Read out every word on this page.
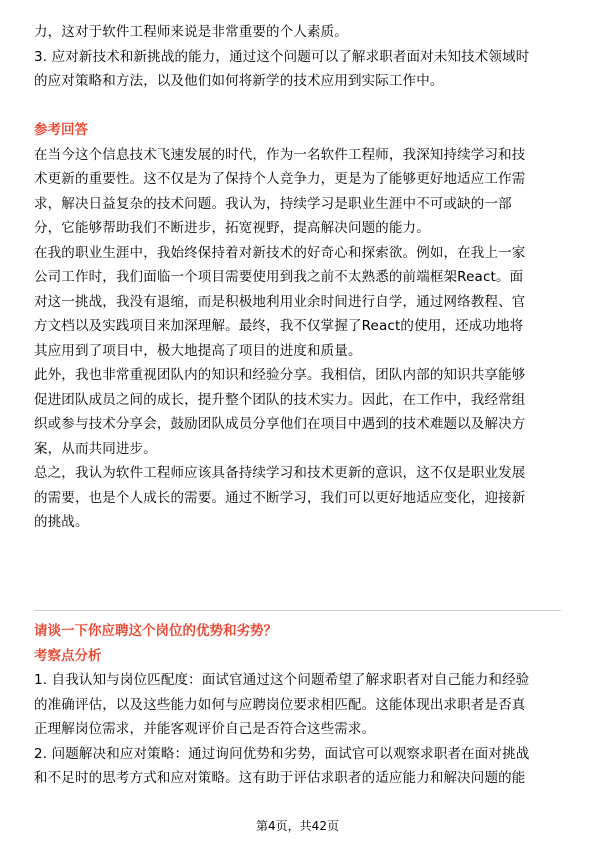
力，这对于软件工程师来说是非常重要的个人素质。
3. 应对新技术和新挑战的能力，通过这个问题可以了解求职者面对未知技术领域时
的应对策略和方法，以及他们如何将新学的技术应用到实际工作中。
参考回答
在当今这个信息技术飞速发展的时代，作为一名软件工程师，我深知持续学习和技
术更新的重要性。这不仅是为了保持个人竞争力，更是为了能够更好地适应工作需
求，解决日益复杂的技术问题。我认为，持续学习是职业生涯中不可或缺的一部
分，它能够帮助我们不断进步，拓宽视野，提高解决问题的能力。
在我的职业生涯中，我始终保持着对新技术的好奇心和探索欲。例如，在我上一家
公司工作时，我们面临一个项目需要使用到我之前不太熟悉的前端框架React。面
对这一挑战，我没有退缩，而是积极地利用业余时间进行自学，通过网络教程、官
方文档以及实践项目来加深理解。最终，我不仅掌握了React的使用，还成功地将
其应用到了项目中，极大地提高了项目的进度和质量。
此外，我也非常重视团队内的知识和经验分享。我相信，团队内部的知识共享能够
促进团队成员之间的成长，提升整个团队的技术实力。因此，在工作中，我经常组
织或参与技术分享会，鼓励团队成员分享他们在项目中遇到的技术难题以及解决方
案，从而共同进步。
总之，我认为软件工程师应该具备持续学习和技术更新的意识，这不仅是职业发展
的需要，也是个人成长的需要。通过不断学习，我们可以更好地适应变化，迎接新
的挑战。
请谈一下你应聘这个岗位的优势和劣势？
考察点分析
1. 自我认知与岗位匹配度：面试官通过这个问题希望了解求职者对自己能力和经验
的准确评估，以及这些能力如何与应聘岗位要求相匹配。这能体现出求职者是否真
正理解岗位需求，并能客观评价自己是否符合这些需求。
2. 问题解决和应对策略：通过询问优势和劣势，面试官可以观察求职者在面对挑战
和不足时的思考方式和应对策略。这有助于评估求职者的适应能力和解决问题的能
第4页，共42页
